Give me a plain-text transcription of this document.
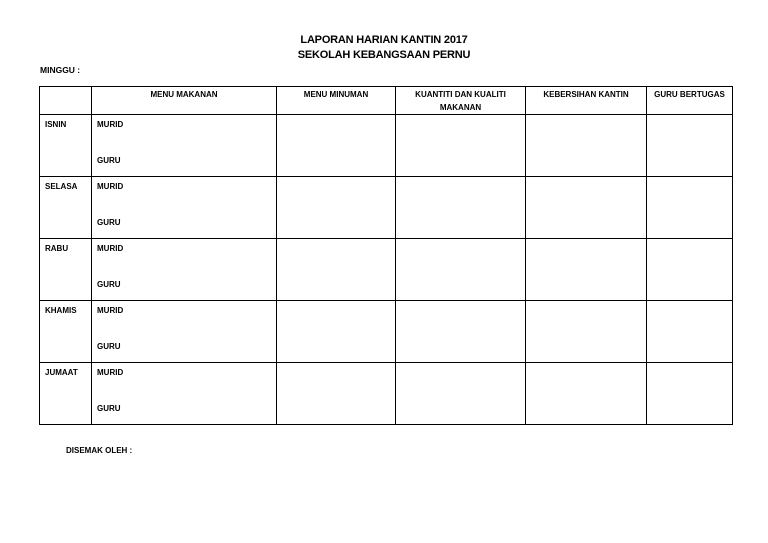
LAPORAN HARIAN KANTIN 2017
SEKOLAH KEBANGSAAN PERNU
MINGGU :
	MENU MAKANAN	MENU MINUMAN	KUANTITI DAN KUALITI MAKANAN	KEBERSIHAN KANTIN	GURU BERTUGAS

ISNIN	MURID
GURU				

SELASA	MURID
GURU				

RABU	MURID
GURU				

KHAMIS	MURID
GURU				

JUMAAT	MURID
GURU				

DISEMAK OLEH :
